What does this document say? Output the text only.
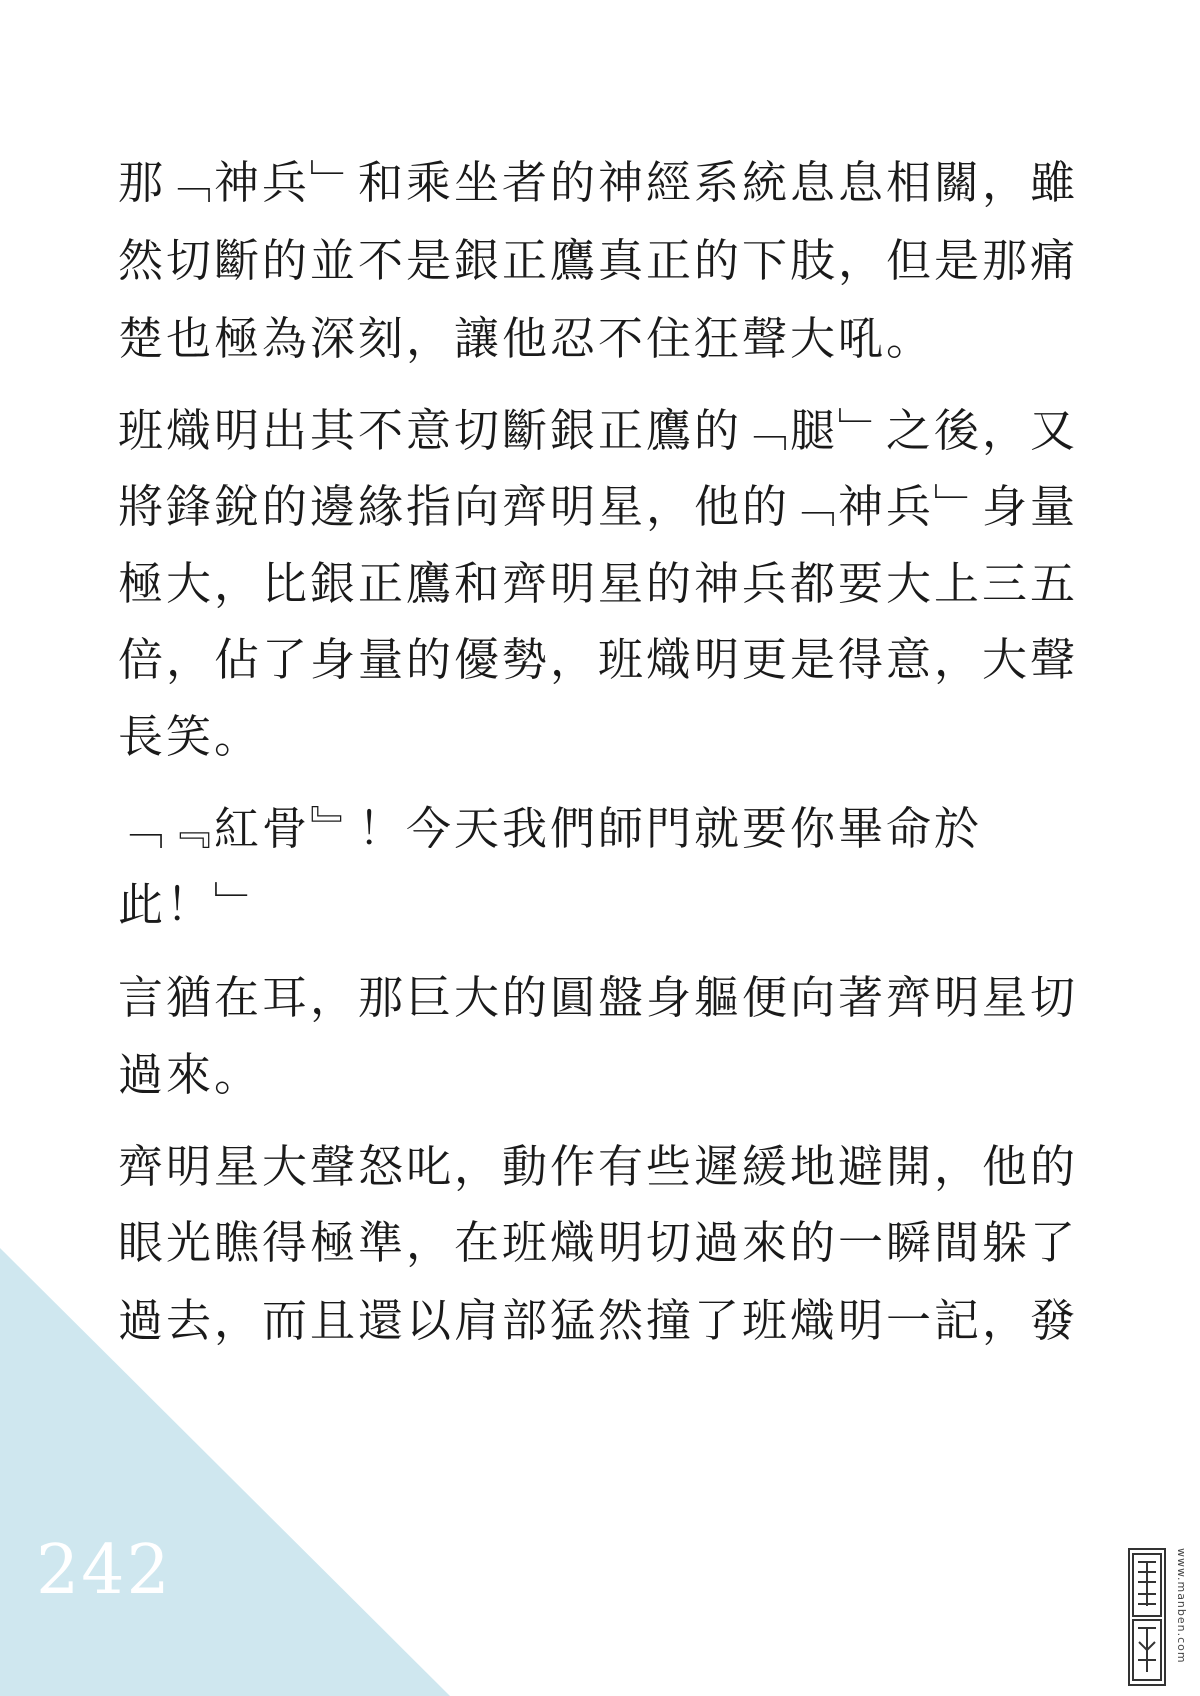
那﹁神兵﹂和乘坐者的神經系統息息相關，雖
然切斷的並不是銀正鷹真正的下肢，但是那痛
楚也極為深刻，讓他忍不住狂聲大吼。
班熾明出其不意切斷銀正鷹的﹁腿﹂之後，又
將鋒銳的邊緣指向齊明星，他的﹁神兵﹂身量
極大，比銀正鷹和齊明星的神兵都要大上三五
倍，佔了身量的優勢，班熾明更是得意，大聲
長笑。
﹁﹃紅骨﹄！今天我們師門就要你畢命於
此！﹂
言猶在耳，那巨大的圓盤身軀便向著齊明星切
過來。
齊明星大聲怒叱，動作有些遲緩地避開，他的
眼光瞧得極準，在班熾明切過來的一瞬間躲了
過去，而且還以肩部猛然撞了班熾明一記，發
242	www.manben.com
